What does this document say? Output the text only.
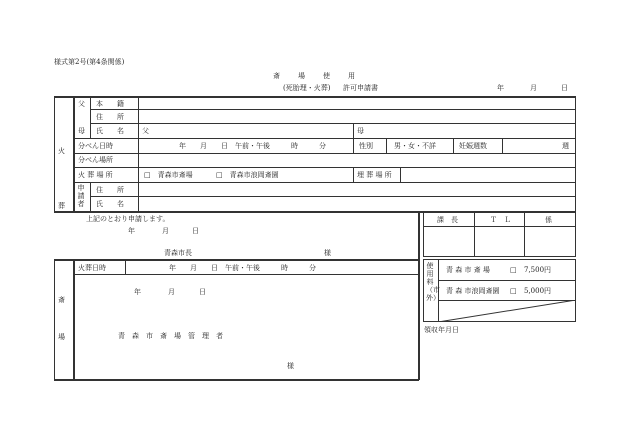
様式第2号(第4条関係)
斎	場	使	用
(死胎理・火葬) 許可申請書	年	月	日
火
葬
父
母
本　　籍
住　　所
氏　　名	父	母
分べん日時	年　　月　　日　午前・午後　　　時　　　分	性別	男・女・不詳	妊娠週数	週
分べん場所
火 葬 場 所	□　青森市斎場	□　青森市浪岡斎園	埋 葬 場 所
申請者
住　　所
氏　　名
上記のとおり申請します。
年	月	日
青森市長	様
課　長	Ｔ　Ｌ	係
斎
場
火葬日時	年　　月　　日　午前・午後　　　時　　　分
年	月	日
青　森　市　斎　場　管　理　者
様
使用料（市外）
青 森 市 斎 場	□ 7,500円
青 森 市浪岡斎園 □ 5,000円
領収年月日
